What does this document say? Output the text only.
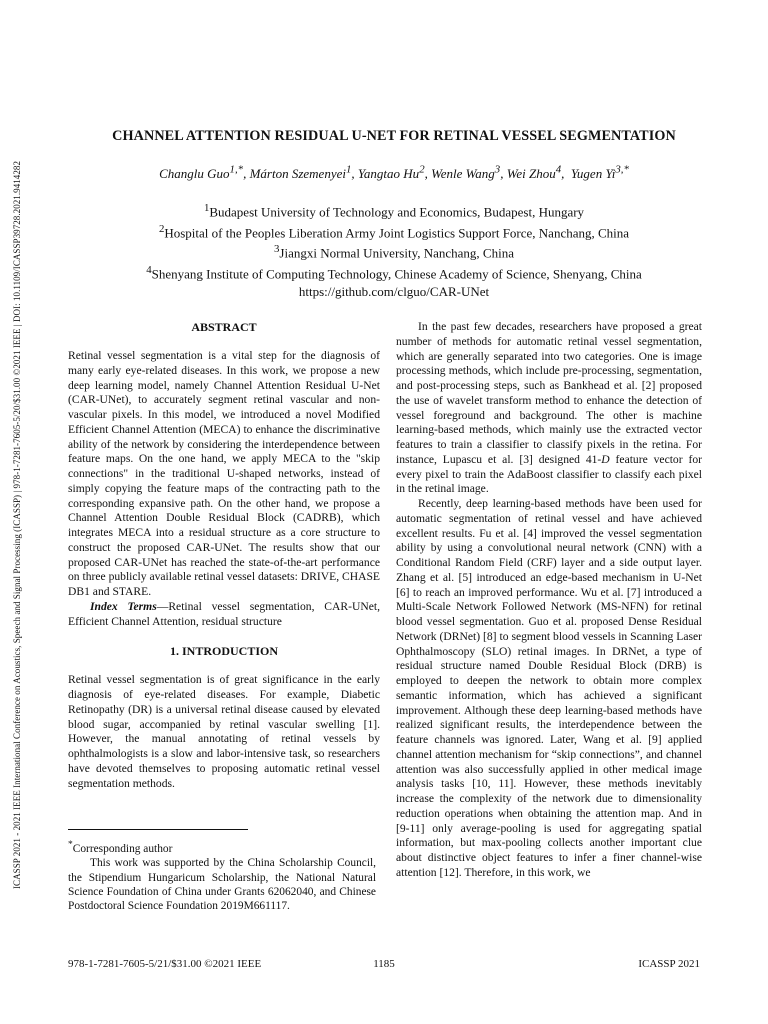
ICASSP 2021 - 2021 IEEE International Conference on Acoustics, Speech and Signal Processing (ICASSP) | 978-1-7281-7605-5/20/$31.00 ©2021 IEEE | DOI: 10.1109/ICASSP39728.2021.9414282
CHANNEL ATTENTION RESIDUAL U-NET FOR RETINAL VESSEL SEGMENTATION
Changlu Guo$^{1,*}$, Márton Szemenyei$^1$, Yangtao Hu$^2$, Wenle Wang$^3$, Wei Zhou$^4$,  Yugen $Yi^{3,*}$
$^1$Budapest University of Technology and Economics, Budapest, Hungary
$^2$Hospital of the Peoples Liberation Army Joint Logistics Support Force, Nanchang, China
$^3$Jiangxi Normal University, Nanchang, China
$^4$Shenyang Institute of Computing Technology, Chinese Academy of Science, Shenyang, China
https://github.com/clguo/CAR-UNet

ABSTRACT

Retinal vessel segmentation is a vital step for the diagnosis of many early eye-related diseases. In this work, we propose a new deep learning model, namely Channel Attention Residual U-Net (CAR-UNet), to accurately segment retinal vascular and non-vascular pixels. In this model, we introduced a novel Modified Efficient Channel Attention (MECA) to enhance the discriminative ability of the network by considering the interdependence between feature maps. On the one hand, we apply MECA to the "skip connections" in the traditional U-shaped networks, instead of simply copying the feature maps of the contracting path to the corresponding expansive path. On the other hand, we propose a Channel Attention Double Residual Block (CADRB), which integrates MECA into a residual structure as a core structure to construct the proposed CAR-UNet. The results show that our proposed CAR-UNet has reached the state-of-the-art performance on three publicly available retinal vessel datasets: DRIVE, CHASE DB1 and STARE.

Index Terms—Retinal vessel segmentation, CAR-UNet, Efficient Channel Attention, residual structure

1. INTRODUCTION

Retinal vessel segmentation is of great significance in the early diagnosis of eye-related diseases. For example, Diabetic Retinopathy (DR) is a universal retinal disease caused by elevated blood sugar, accompanied by retinal vascular swelling [1]. However, the manual annotating of retinal vessels by ophthalmologists is a slow and labor-intensive task, so researchers have devoted themselves to proposing automatic retinal vessel segmentation methods.

*Corresponding author

This work was supported by the China Scholarship Council, the Stipendium Hungaricum Scholarship, the National Natural Science Foundation of China under Grants 62062040, and Chinese Postdoctoral Science Foundation 2019M661117.

In the past few decades, researchers have proposed a great number of methods for automatic retinal vessel segmentation, which are generally separated into two categories. One is image processing methods, which include pre-processing, segmentation, and post-processing steps, such as Bankhead et al. [2] proposed the use of wavelet transform method to enhance the detection of vessel foreground and background. The other is machine learning-based methods, which mainly use the extracted vector features to train a classifier to classify pixels in the retina. For instance, Lupascu et al. [3] designed 41-D feature vector for every pixel to train the AdaBoost classifier to classify each pixel in the retinal image.

Recently, deep learning-based methods have been used for automatic segmentation of retinal vessel and have achieved excellent results. Fu et al. [4] improved the vessel segmentation ability by using a convolutional neural network (CNN) with a Conditional Random Field (CRF) layer and a side output layer. Zhang et al. [5] introduced an edge-based mechanism in U-Net [6] to reach an improved performance. Wu et al. [7] introduced a Multi-Scale Network Followed Network (MS-NFN) for retinal blood vessel segmentation. Guo et al. proposed Dense Residual Network (DRNet) [8] to segment blood vessels in Scanning Laser Ophthalmoscopy (SLO) retinal images. In DRNet, a type of residual structure named Double Residual Block (DRB) is employed to deepen the network to obtain more complex semantic information, which has achieved a significant improvement. Although these deep learning-based methods have realized significant results, the interdependence between the feature channels was ignored. Later, Wang et al. [9] applied channel attention mechanism for “skip connections”, and channel attention was also successfully applied in other medical image analysis tasks [10, 11]. However, these methods inevitably increase the complexity of the network due to dimensionality reduction operations when obtaining the attention map. And in [9-11] only average-pooling is used for aggregating spatial information, but max-pooling collects another important clue about distinctive object features to infer a finer channel-wise attention [12]. Therefore, in this work, we

978-1-7281-7605-5/21/$31.00 ©2021 IEEE	1185	ICASSP 2021
